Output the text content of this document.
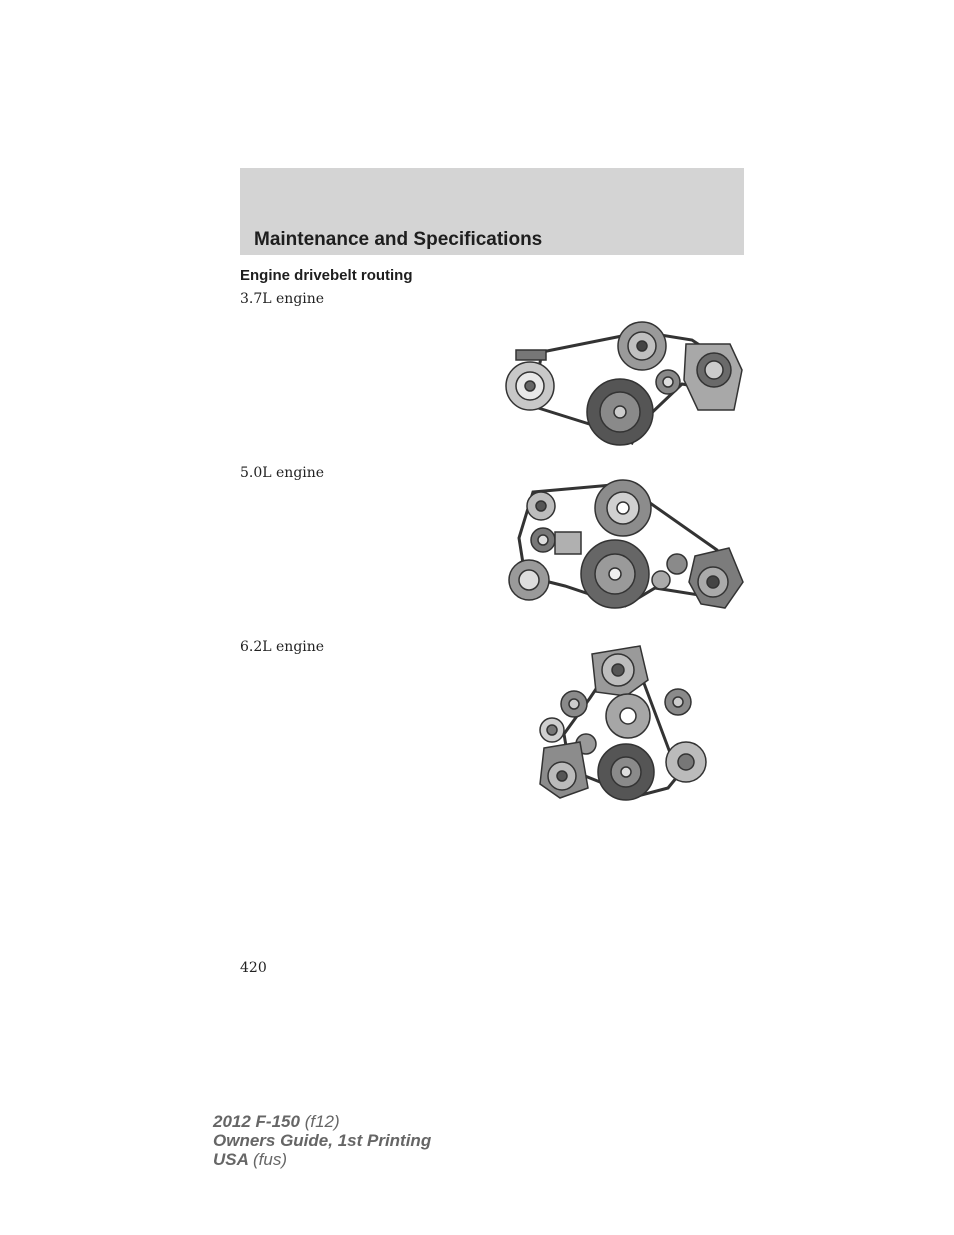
Maintenance and Specifications
Engine drivebelt routing
3.7L engine
5.0L engine
6.2L engine
420
2012 F-150 (f12)
Owners Guide, 1st Printing
USA (fus)
